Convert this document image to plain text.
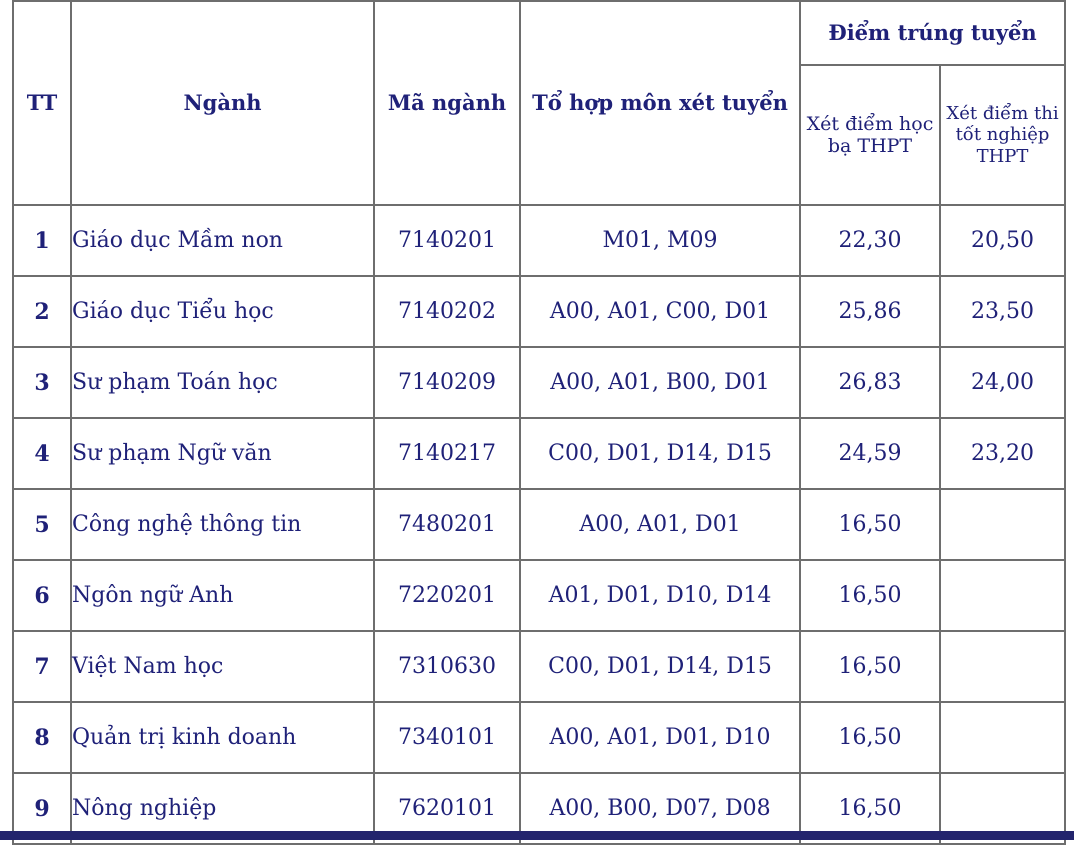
TT	Ngành	Mã ngành	Tổ hợp môn xét tuyển	Điểm trúng tuyển	
				Xét điểm học bạ THPT	Xét điểm thi tốt nghiệp THPT
1	Giáo dục Mầm non	7140201	M01, M09	22,30	20,50
2	Giáo dục Tiểu học	7140202	A00, A01, C00, D01	25,86	23,50
3	Sư phạm Toán học	7140209	A00, A01, B00, D01	26,83	24,00
4	Sư phạm Ngữ văn	7140217	C00, D01, D14, D15	24,59	23,20
5	Công nghệ thông tin	7480201	A00, A01, D01	16,50	
6	Ngôn ngữ Anh	7220201	A01, D01, D10, D14	16,50	
7	Việt Nam học	7310630	C00, D01, D14, D15	16,50	
8	Quản trị kinh doanh	7340101	A00, A01, D01, D10	16,50	
9	Nông nghiệp	7620101	A00, B00, D07, D08	16,50	
